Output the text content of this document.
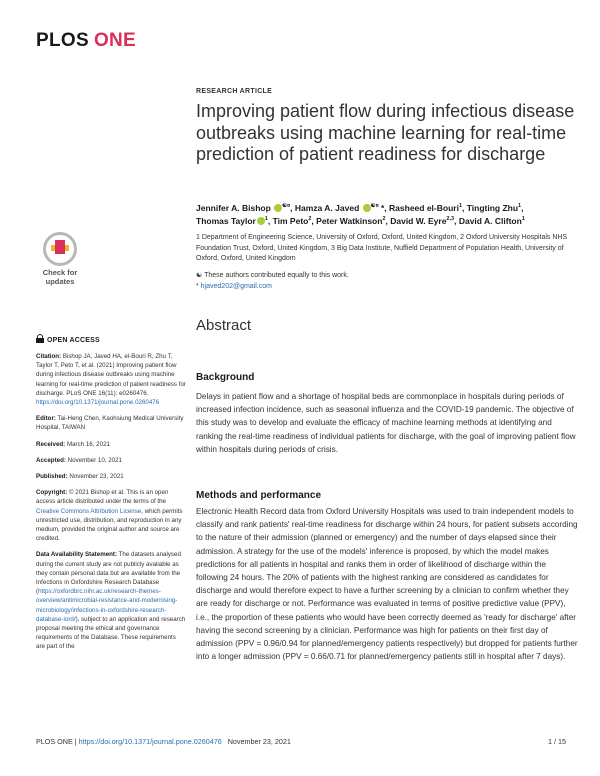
PLOS ONE
RESEARCH ARTICLE
Improving patient flow during infectious disease outbreaks using machine learning for real-time prediction of patient readiness for discharge
Jennifer A. Bishop ☯¤, Hamza A. Javed ☯¤ *, Rasheed el-Bouri$^1$, Tingting Zhu$^1$,
Thomas Taylor $^1$, Tim Peto$^2$, Peter Watkinson$^2$, David W. Eyre$^{2,3}$, David A. Clifton$^1$
1 Department of Engineering Science, University of Oxford, Oxford, United Kingdom, 2 Oxford University Hospitals NHS Foundation Trust, Oxford, United Kingdom, 3 Big Data Institute, Nuffield Department of Population Health, University of Oxford, Oxford, United Kingdom
☯ These authors contributed equally to this work.
* hjaved202@gmail.com
Check for
updates
OPEN ACCESS

Citation: Bishop JA, Javed HA, el-Bouri R, Zhu T, Taylor T, Peto T, et al. (2021) Improving patient flow during infectious disease outbreaks using machine learning for real-time prediction of patient readiness for discharge. PLoS ONE 16(11): e0260476. https://doi.org/10.1371/journal.pone.0260476

Editor: Tai-Heng Chen, Kaohsiung Medical University Hospital, TAIWAN

Received: March 16, 2021

Accepted: November 10, 2021

Published: November 23, 2021

Copyright: © 2021 Bishop et al. This is an open access article distributed under the terms of the Creative Commons Attribution License, which permits unrestricted use, distribution, and reproduction in any medium, provided the original author and source are credited.

Data Availability Statement: The datasets analysed during the current study are not publicly available as they contain personal data but are available from the Infections in Oxfordshire Research Database (https://oxfordbrc.nihr.ac.uk/research-themes-overview/antimicrobial-resistance-and-modernising-microbiology/infections-in-oxfordshire-research-database-iord/), subject to an application and research proposal meeting the ethical and governance requirements of the Database. These requirements are part of the

Abstract
Background

Delays in patient flow and a shortage of hospital beds are commonplace in hospitals during periods of increased infection incidence, such as seasonal influenza and the COVID-19 pandemic. The objective of this study was to develop and evaluate the efficacy of machine learning methods at identifying and ranking the real-time readiness of individual patients for discharge, with the goal of improving patient flow within hospitals during periods of crisis.

Methods and performance

Electronic Health Record data from Oxford University Hospitals was used to train independent models to classify and rank patients' real-time readiness for discharge within 24 hours, for patient subsets according to the nature of their admission (planned or emergency) and the number of days elapsed since their admission. A strategy for the use of the models' inference is proposed, by which the model makes predictions for all patients in hospital and ranks them in order of likelihood of discharge within the following 24 hours. The 20% of patients with the highest ranking are considered as candidates for discharge and would therefore expect to have a further screening by a clinician to confirm whether they are ready for discharge or not. Performance was evaluated in terms of positive predictive value (PPV), i.e., the proportion of these patients who would have been correctly deemed as 'ready for discharge' after having the second screening by a clinician. Performance was high for patients on their first day of admission (PPV = 0.96/0.94 for planned/emergency patients respectively) but dropped for patients further into a longer admission (PPV = 0.66/0.71 for planned/emergency patients still in hospital after 7 days).

PLOS ONE | https://doi.org/10.1371/journal.pone.0260476 November 23, 2021	1 / 15
